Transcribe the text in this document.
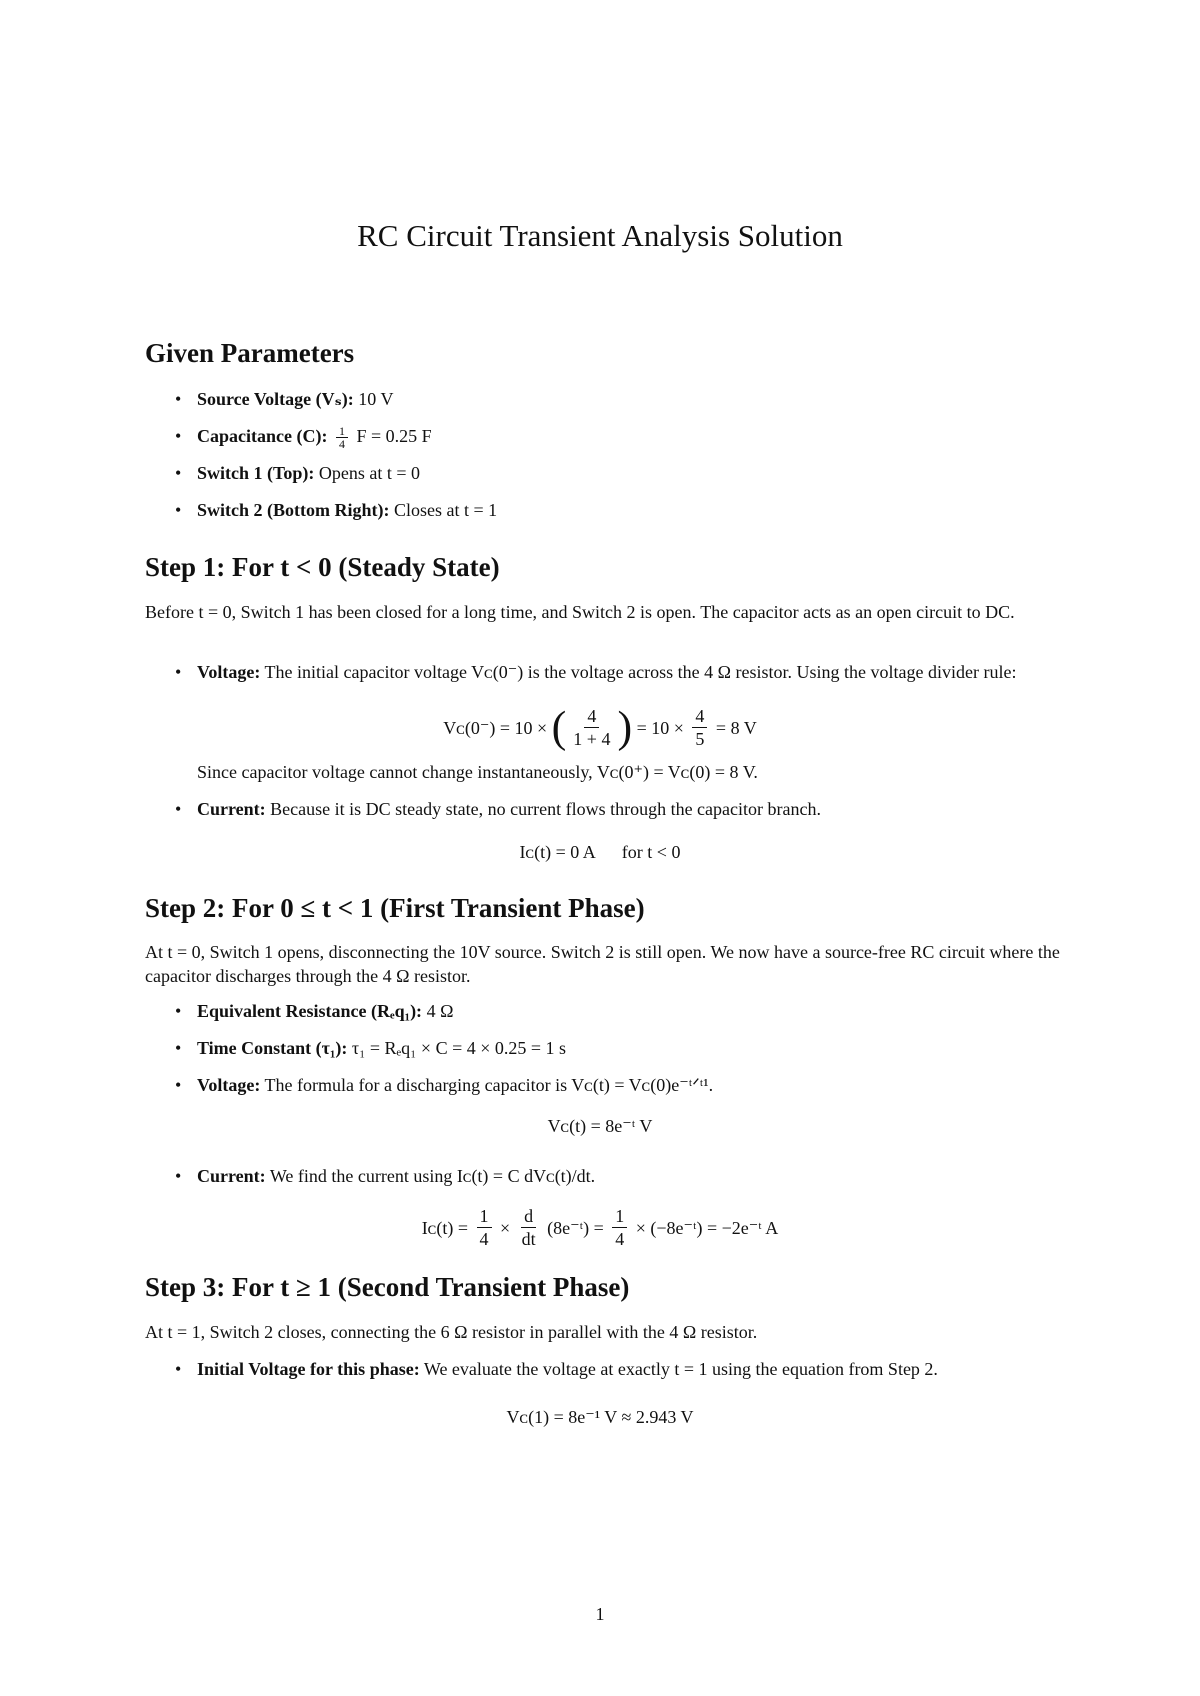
RC Circuit Transient Analysis Solution
Given Parameters
• Source Voltage (Vₛ): 10 V
• Capacitance (C): $\frac{1}{4}$ F = 0.25 F
• Switch 1 (Top): Opens at t = 0
• Switch 2 (Bottom Right): Closes at t = 1
Step 1: For t < 0 (Steady State)
Before t = 0, Switch 1 has been closed for a long time, and Switch 2 is open. The capacitor acts as an open circuit to DC.
• Voltage: The initial capacitor voltage Vᴄ(0⁻) is the voltage across the 4 Ω resistor. Using the voltage divider rule:
Vᴄ(0⁻) = 10 × ( $\frac{4}{1 + 4}$ ) = $10 \times \frac{4}{5} = 8$ V
Since capacitor voltage cannot change instantaneously, Vᴄ(0⁺) = Vᴄ(0) = 8 V.
• Current: Because it is DC steady state, no current flows through the capacitor branch.
Iᴄ(t) = 0 A   for t < 0
Step 2: For 0 ≤ t < 1 (First Transient Phase)
At t = 0, Switch 1 opens, disconnecting the 10V source. Switch 2 is still open. We now have a source-free RC circuit where the capacitor discharges through the 4 Ω resistor.
• Equivalent Resistance (Rₑq₁): 4 Ω
• Time Constant (τ₁): τ₁ = Rₑq₁ × C = 4 × 0.25 = 1 s
• Voltage: The formula for a discharging capacitor is Vᴄ(t) = Vᴄ(0)e⁻ᵗᐟᵗ¹.
Vᴄ(t) = 8e⁻ᵗ V
• Current: We find the current using Iᴄ(t) = C dVᴄ(t)/dt.
Iᴄ(t) = $\frac{1}{4} \times \frac{d}{dt}$ (8e⁻ᵗ) = $\frac{1}{4}$ × (−8e⁻ᵗ) = −2e⁻ᵗ A
Step 3: For t ≥ 1 (Second Transient Phase)
At t = 1, Switch 2 closes, connecting the 6 Ω resistor in parallel with the 4 Ω resistor.
• Initial Voltage for this phase: We evaluate the voltage at exactly t = 1 using the equation from Step 2.
Vᴄ(1) = 8e⁻¹ V ≈ 2.943 V
1
